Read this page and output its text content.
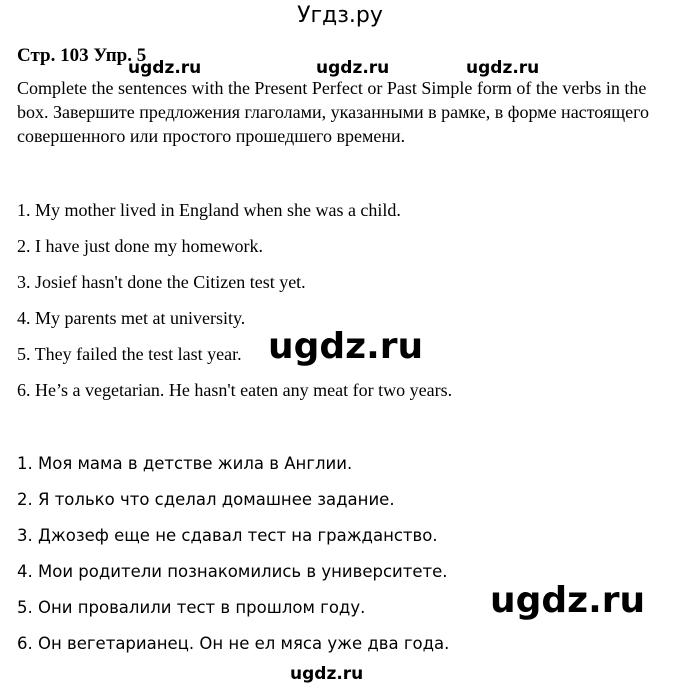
Угдз.ру
Стр. 103 Упр. 5
Complete the sentences with the Present Perfect or Past Simple form of the verbs in the box. Завершите предложения глаголами, указанными в рамке, в форме настоящего совершенного или простого прошедшего времени.
1. My mother lived in England when she was a child.
2. I have just done my homework.
3. Josief hasn't done the Citizen test yet.
4. My parents met at university.
5. They failed the test last year.
6. He’s a vegetarian. He hasn't eaten any meat for two years.
1. Моя мама в детстве жила в Англии.
2. Я только что сделал домашнее задание.
3. Джозеф еще не сдавал тест на гражданство.
4. Мои родители познакомились в университете.
5. Они провалили тест в прошлом году.
6. Он вегетарианец. Он не ел мяса уже два года.
ugdz.ru	ugdz.ru	ugdz.ru
ugdz.ru
ugdz.ru
ugdz.ru
